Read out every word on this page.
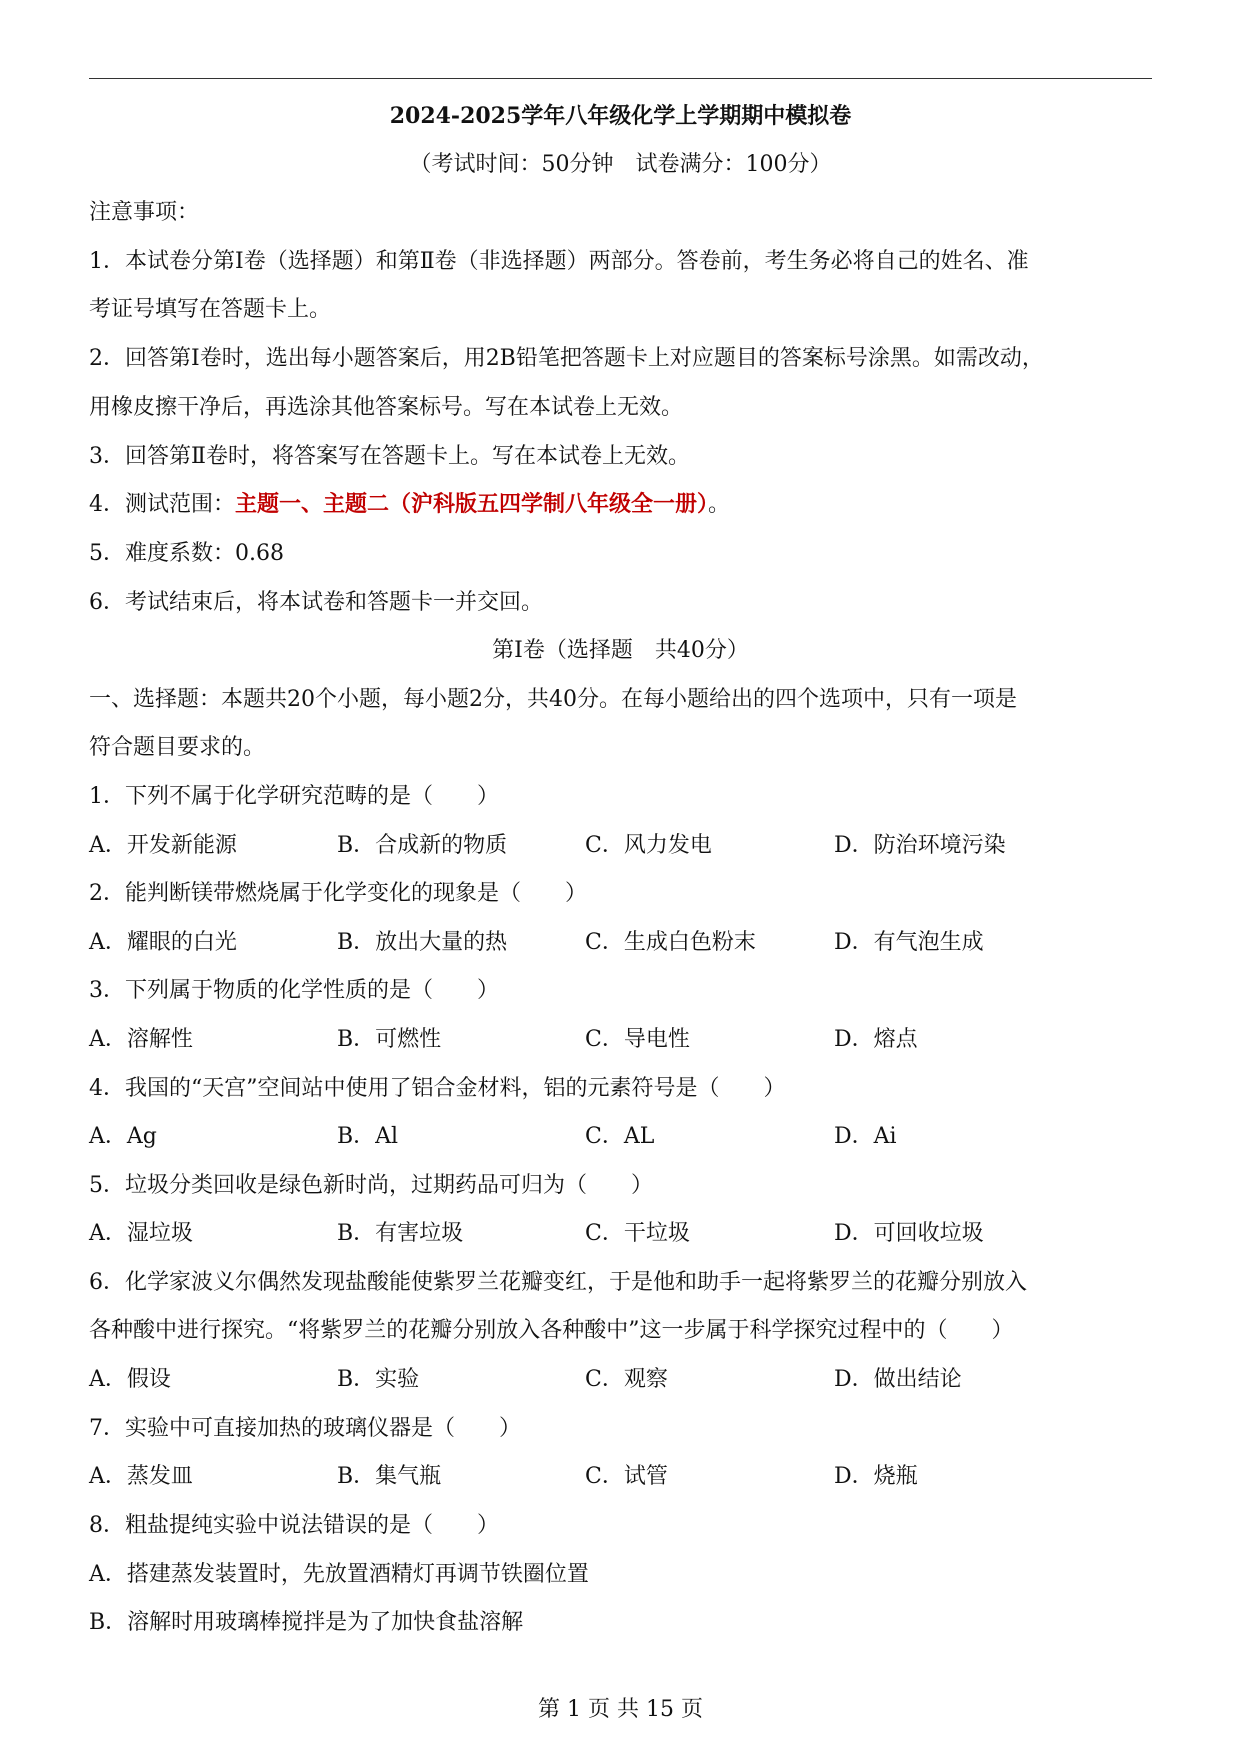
2024-2025学年八年级化学上学期期中模拟卷
（考试时间：50分钟　试卷满分：100分）
注意事项：
1．本试卷分第Ⅰ卷（选择题）和第Ⅱ卷（非选择题）两部分。答卷前，考生务必将自己的姓名、准
考证号填写在答题卡上。
2．回答第Ⅰ卷时，选出每小题答案后，用2B铅笔把答题卡上对应题目的答案标号涂黑。如需改动，
用橡皮擦干净后，再选涂其他答案标号。写在本试卷上无效。
3．回答第Ⅱ卷时，将答案写在答题卡上。写在本试卷上无效。
4．测试范围：主题一、主题二（沪科版五四学制八年级全一册）。
5．难度系数：0.68
6．考试结束后，将本试卷和答题卡一并交回。
第Ⅰ卷（选择题　共40分）
一、选择题：本题共20个小题，每小题2分，共40分。在每小题给出的四个选项中，只有一项是
符合题目要求的。
1．下列不属于化学研究范畴的是（　　）
A．开发新能源	B．合成新的物质	C．风力发电	D．防治环境污染
2．能判断镁带燃烧属于化学变化的现象是（　　）
A．耀眼的白光	B．放出大量的热	C．生成白色粉末	D．有气泡生成
3．下列属于物质的化学性质的是（　　）
A．溶解性	B．可燃性	C．导电性	D．熔点
4．我国的“天宫”空间站中使用了铝合金材料，铝的元素符号是（　　）
A．Ag	B．Al	C．AL	D．Ai
5．垃圾分类回收是绿色新时尚，过期药品可归为（　　）
A．湿垃圾	B．有害垃圾	C．干垃圾	D．可回收垃圾
6．化学家波义尔偶然发现盐酸能使紫罗兰花瓣变红，于是他和助手一起将紫罗兰的花瓣分别放入
各种酸中进行探究。“将紫罗兰的花瓣分别放入各种酸中”这一步属于科学探究过程中的（　　）
A．假设	B．实验	C．观察	D．做出结论
7．实验中可直接加热的玻璃仪器是（　　）
A．蒸发皿	B．集气瓶	C．试管	D．烧瓶
8．粗盐提纯实验中说法错误的是（　　）
A．搭建蒸发装置时，先放置酒精灯再调节铁圈位置
B．溶解时用玻璃棒搅拌是为了加快食盐溶解
第 1 页 共 15 页
